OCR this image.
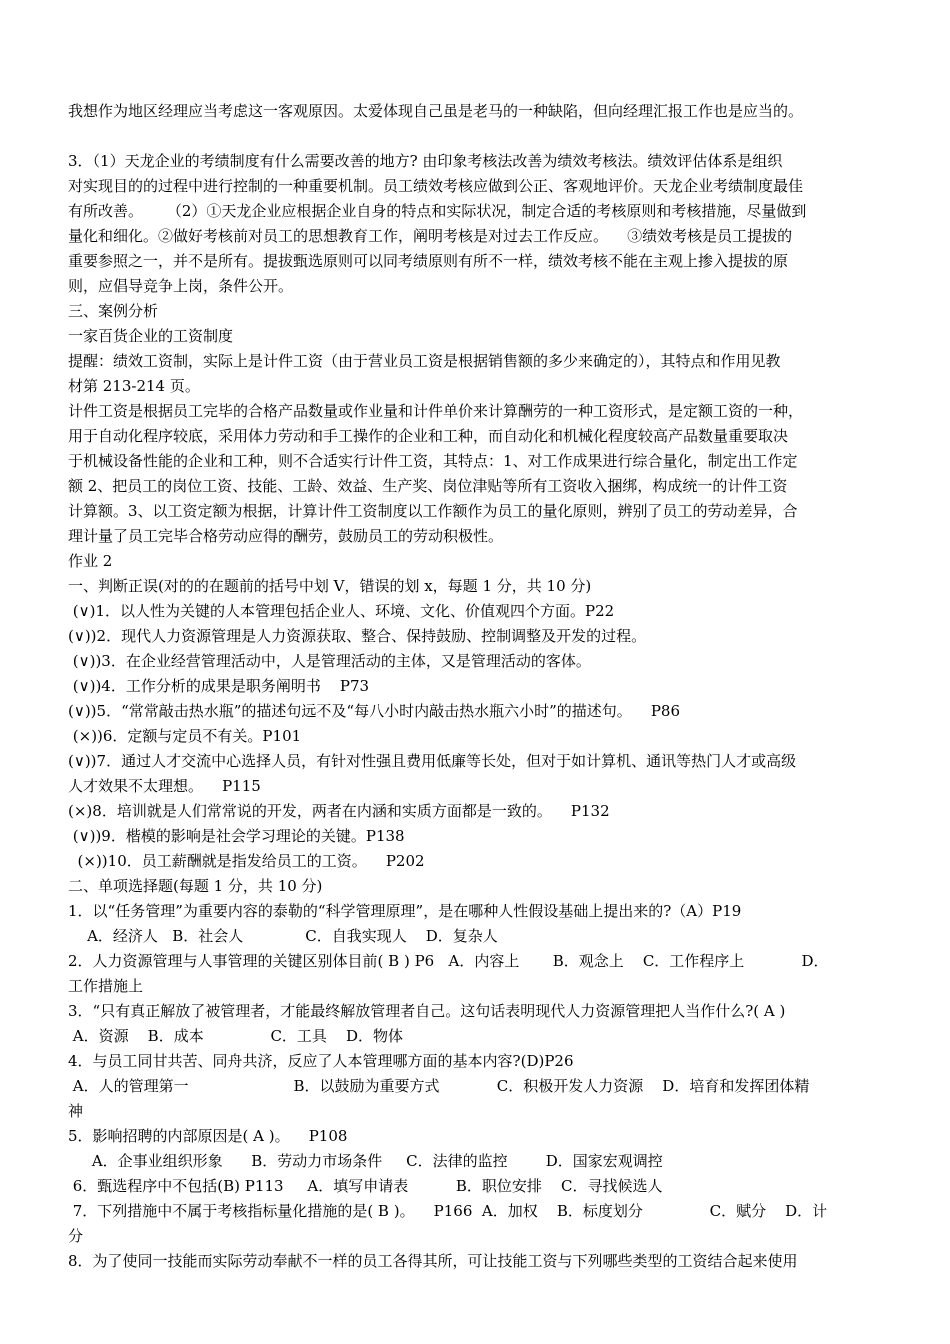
我想作为地区经理应当考虑这一客观原因。太爱体现自己虽是老马的一种缺陷，但向经理汇报工作也是应当的。

3．（1）天龙企业的考绩制度有什么需要改善的地方? 由印象考核法改善为绩效考核法。绩效评估体系是组织

对实现目的的过程中进行控制的一种重要机制。员工绩效考核应做到公正、客观地评价。天龙企业考绩制度最佳

有所改善。     （2）①天龙企业应根据企业自身的特点和实际状况，制定合适的考核原则和考核措施，尽量做到

量化和细化。②做好考核前对员工的思想教育工作，阐明考核是对过去工作反应。    ③绩效考核是员工提拔的

重要参照之一，并不是所有。提拔甄选原则可以同考绩原则有所不一样，绩效考核不能在主观上掺入提拔的原

则，应倡导竞争上岗，条件公开。

三、案例分析

一家百货企业的工资制度

提醒：绩效工资制，实际上是计件工资（由于营业员工资是根据销售额的多少来确定的），其特点和作用见教

材第 213-214 页。

计件工资是根据员工完毕的合格产品数量或作业量和计件单价来计算酬劳的一种工资形式，是定额工资的一种，

用于自动化程序较底，采用体力劳动和手工操作的企业和工种，而自动化和机械化程度较高产品数量重要取决

于机械设备性能的企业和工种，则不合适实行计件工资，其特点：1、对工作成果进行综合量化，制定出工作定

额 2、把员工的岗位工资、技能、工龄、效益、生产奖、岗位津贴等所有工资收入捆绑，构成统一的计件工资

计算额。3、以工资定额为根据，计算计件工资制度以工作额作为员工的量化原则，辨别了员工的劳动差异，合

理计量了员工完毕合格劳动应得的酬劳，鼓励员工的劳动积极性。

作业 2

一、判断正误(对的的在题前的括号中划 V，错误的划 x，每题 1 分，共 10 分)

(∨)1．以人性为关键的人本管理包括企业人、环境、文化、价值观四个方面。P22

(∨))2．现代人力资源管理是人力资源获取、整合、保持鼓励、控制调整及开发的过程。

(∨))3．在企业经营管理活动中，人是管理活动的主体，又是管理活动的客体。

(∨))4．工作分析的成果是职务阐明书    P73

(∨))5．“常常敲击热水瓶”的描述句远不及“每八小时内敲击热水瓶六小时”的描述句。    P86

(×))6．定额与定员不有关。P101

(∨))7．通过人才交流中心选择人员，有针对性强且费用低廉等长处，但对于如计算机、通讯等热门人才或高级

人才效果不太理想。    P115

(×)8．培训就是人们常常说的开发，两者在内涵和实质方面都是一致的。    P132

(∨))9．楷模的影响是社会学习理论的关键。P138

(×))10．员工薪酬就是指发给员工的工资。    P202

二、单项选择题(每题 1 分，共 10 分)

1．以“任务管理”为重要内容的泰勒的“科学管理原理”，是在哪种人性假设基础上提出来的?（A）P19

A．经济人   B．社会人             C．自我实现人    D．复杂人

2．人力资源管理与人事管理的关键区别体目前( B ) P6   A．内容上       B．观念上    C．工作程序上            D．

工作措施上

3．“只有真正解放了被管理者，才能最终解放管理者自己。这句话表明现代人力资源管理把人当作什么?( A )

A．资源    B．成本              C．工具    D．物体

4．与员工同甘共苦、同舟共济，反应了人本管理哪方面的基本内容?(D)P26

A．人的管理第一                      B．以鼓励为重要方式            C．积极开发人力资源    D．培育和发挥团体精

神

5．影响招聘的内部原因是( A )。    P108

A．企事业组织形象      B．劳动力市场条件     C．法律的监控        D．国家宏观调控

6．甄选程序中不包括(B) P113     A．填写申请表          B．职位安排    C．寻找候选人

7．下列措施中不属于考核指标量化措施的是( B )。    P166  A．加权    B．标度划分              C．赋分    D．计

分

8．为了使同一技能而实际劳动奉献不一样的员工各得其所，可让技能工资与下列哪些类型的工资结合起来使用
